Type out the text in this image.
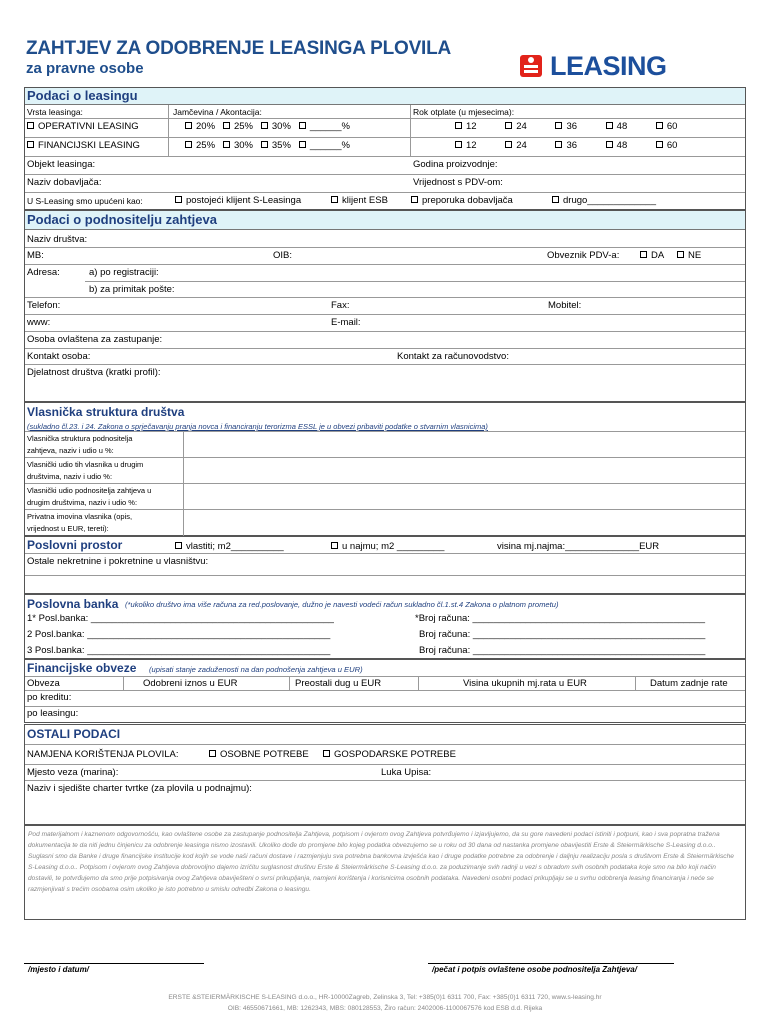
ZAHTJEV ZA ODOBRENJE LEASINGA PLOVILA
za pravne osobe	LEASING
Podaci o leasingu
Vrsta leasinga:	Jamčevina / Akontacija:	Rok otplate (u mjesecima):
OPERATIVNI LEASING	20% 25% 30% ______%	12	24	36	48	60
FINANCIJSKI LEASING	25% 30% 35% ______%	12	24	36	48	60
Objekt leasinga:	Godina proizvodnje:
Naziv dobavljača:	Vrijednost s PDV-om:
U S-Leasing smo upućeni kao:	postojeći klijent S-Leasinga	klijent ESB	preporuka dobavljača	drugo_____________
Podaci o podnositelju zahtjeva
Naziv društva:
MB:	OIB:	Obveznik PDV-a:	DA	NE
Adresa:	a) po registraciji:
b) za primitak pošte:
Telefon:	Fax:	Mobitel:
www:	E-mail:
Osoba ovlaštena za zastupanje:
Kontakt osoba:	Kontakt za računovodstvo:
Djelatnost društva (kratki profil):
Vlasnička struktura društva
(sukladno čl.23. i 24. Zakona o sprječavanju pranja novca i financiranju terorizma ESSL je u obvezi pribaviti podatke o stvarnim vlasnicima)
Vlasnička struktura podnositelja
zahtjeva, naziv i udio u %:
Vlasnički udio tih vlasnika u drugim
društvima, naziv i udio %:
Vlasnički udio podnositelja zahtjeva u
drugim društvima, naziv i udio %:
Privatna imovina vlasnika (opis,
vrijednost u EUR, tereti):
Poslovni prostor	vlastiti; m2__________	u najmu; m2 _________	visina mj.najma:______________EUR
Ostale nekretnine i pokretnine u vlasništvu:
Poslovna banka (*ukoliko društvo ima više računa za red.poslovanje, dužno je navesti vodeći račun sukladno čl.1.st.4 Zakona o platnom prometu)
1* Posl.banka: ______________________________________________	*Broj računa: ____________________________________________
2 Posl.banka: ______________________________________________	Broj računa: ____________________________________________
3 Posl.banka: ______________________________________________	Broj računa: ____________________________________________
Financijske obveze (upisati stanje zaduženosti na dan podnošenja zahtjeva u EUR)
Obveza	Odobreni iznos u EUR	Preostali dug u EUR	Visina ukupnih mj.rata u EUR	Datum zadnje rate
po kreditu:
po leasingu:
OSTALI PODACI
NAMJENA KORIŠTENJA PLOVILA:	OSOBNE POTREBE	GOSPODARSKE POTREBE
Mjesto veza (marina):	Luka Upisa:
Naziv i sjedište charter tvrtke (za plovila u podnajmu):
Pod materijalnom i kaznenom odgovornošću, kao ovlaštene osobe za zastupanje podnositelja Zahtjeva, potpisom i ovjerom ovog Zahtjeva potvrđujemo i izjavljujemo, da su gore navedeni podaci istiniti i potpuni, kao i sva popratna tražena dokumentacija te da niti jednu činjenicu za odobrenje leasinga nismo izostavili. Ukoliko dođe do promjene bilo kojeg podatka obvezujemo se u roku od 30 dana od nastanka promjene obavijestiti Erste & Steiermärkische S-Leasing d.o.o.. Suglasni smo da Banke i druge financijske institucije kod kojih se vode naši računi dostave i razmjenjuju sva potrebna bankovna izvješća kao i druge podatke potrebne za odobrenje i daljnju realizaciju posla s društvom Erste & Steiermärkische S-Leasing d.o.o.. Potpisom i ovjerom ovog Zahtjeva dobrovoljno dajemo izričitu suglasnost društvu Erste & Steiermärkische S-Leasing d.o.o. za poduzimanje svih radnji u vezi s obradom svih osobnih podataka koje smo na bilo koji način dostavili, te potvrđujemo da smo prije potpisivanja ovog Zahtjeva obaviješteni o svrsi prikupljanja, namjeni korištenja i korisnicima osobnih podataka. Navedeni osobni podaci prikupljaju se u svrhu odobrenja leasing financiranja i neće se razmjenjivati s trećim osobama osim ukoliko je isto potrebno u smislu odredbi Zakona o leasingu.
/mjesto i datum/	/pečat i potpis ovlaštene osobe podnositelja Zahtjeva/
ERSTE &STEIERMÄRKISCHE S-LEASING d.o.o., HR-10000Zagreb, Zelinska 3, Tel: +385(0)1 6311 700, Fax: +385(0)1 6311 720, www.s-leasing.hr
OIB: 46550671661, MB: 1262343, MBS: 080128553, Žiro račun: 2402006-1100067576 kod ESB d.d. Rijeka
